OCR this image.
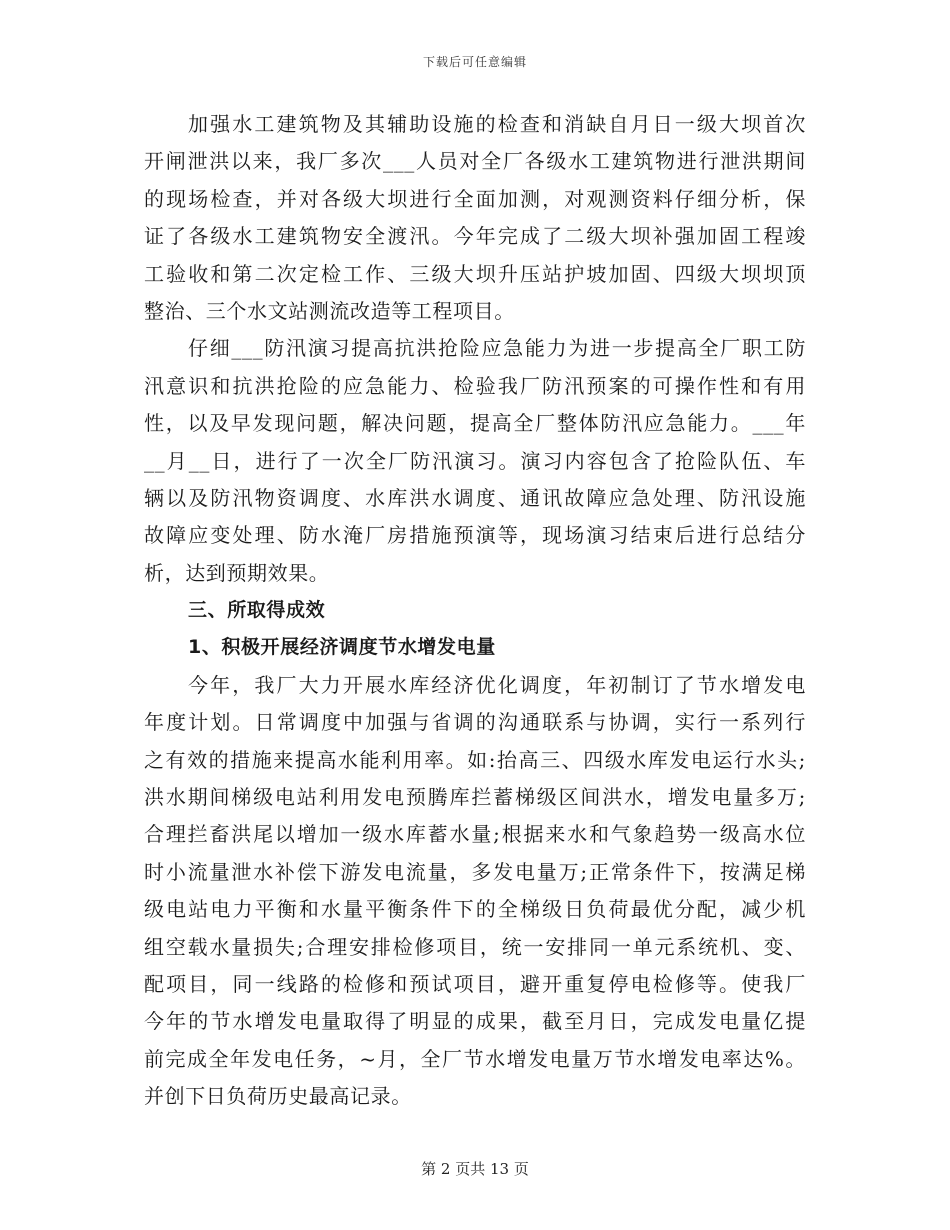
下载后可任意编辑
加强水工建筑物及其辅助设施的检查和消缺自月日一级大坝首次
开闸泄洪以来，我厂多次___人员对全厂各级水工建筑物进行泄洪期间
的现场检查，并对各级大坝进行全面加测，对观测资料仔细分析，保
证了各级水工建筑物安全渡汛。今年完成了二级大坝补强加固工程竣
工验收和第二次定检工作、三级大坝升压站护坡加固、四级大坝坝顶
整治、三个水文站测流改造等工程项目。
仔细___防汛演习提高抗洪抢险应急能力为进一步提高全厂职工防
汛意识和抗洪抢险的应急能力、检验我厂防汛预案的可操作性和有用
性，以及早发现问题，解决问题，提高全厂整体防汛应急能力。___年
__月__日，进行了一次全厂防汛演习。演习内容包含了抢险队伍、车
辆以及防汛物资调度、水库洪水调度、通讯故障应急处理、防汛设施
故障应变处理、防水淹厂房措施预演等，现场演习结束后进行总结分
析，达到预期效果。
三、所取得成效
1、积极开展经济调度节水增发电量
今年，我厂大力开展水库经济优化调度，年初制订了节水增发电
年度计划。日常调度中加强与省调的沟通联系与协调，实行一系列行
之有效的措施来提高水能利用率。如:抬高三、四级水库发电运行水头;
洪水期间梯级电站利用发电预腾库拦蓄梯级区间洪水，增发电量多万;
合理拦畜洪尾以增加一级水库蓄水量;根据来水和气象趋势一级高水位
时小流量泄水补偿下游发电流量，多发电量万;正常条件下，按满足梯
级电站电力平衡和水量平衡条件下的全梯级日负荷最优分配，减少机
组空载水量损失;合理安排检修项目，统一安排同一单元系统机、变、
配项目，同一线路的检修和预试项目，避开重复停电检修等。使我厂
今年的节水增发电量取得了明显的成果，截至月日，完成发电量亿提
前完成全年发电任务，~月，全厂节水增发电量万节水增发电率达%。
并创下日负荷历史最高记录。
第 2 页共 13 页
